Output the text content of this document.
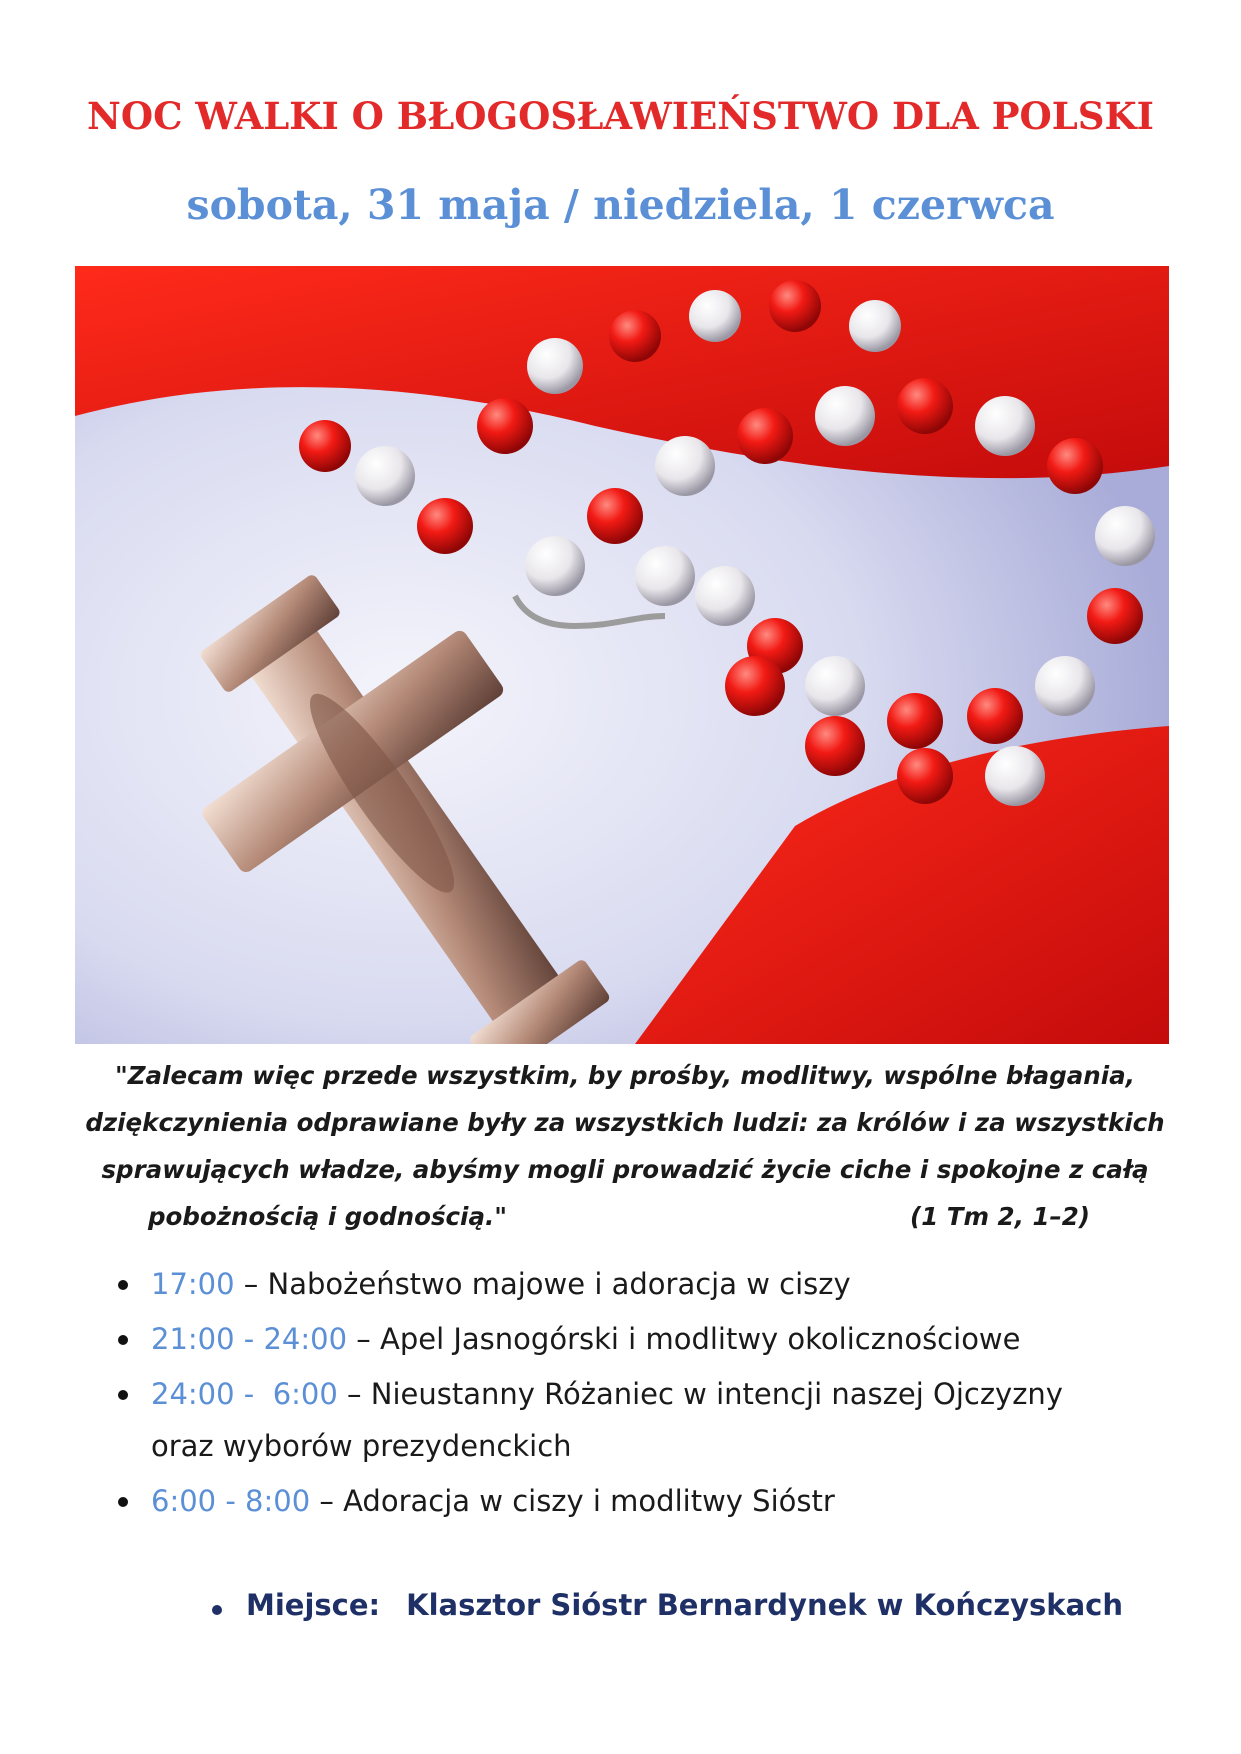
NOC WALKI O BŁOGOSŁAWIEŃSTWO DLA POLSKI
sobota, 31 maja / niedziela, 1 czerwca
"Zalecam więc przede wszystkim, by prośby, modlitwy, wspólne błagania,
dziękczynienia odprawiane były za wszystkich ludzi: za królów i za wszystkich
sprawujących władze, abyśmy mogli prowadzić życie ciche i spokojne z całą
pobożnością i godnością."	(1 Tm 2, 1–2)
17:00 – Nabożeństwo majowe i adoracja w ciszy
21:00 - 24:00 – Apel Jasnogórski i modlitwy okolicznościowe
24:00 -  6:00 – Nieustanny Różaniec w intencji naszej Ojczyzny oraz wyborów prezydenckich
6:00 - 8:00 – Adoracja w ciszy i modlitwy Sióstr
Miejsce: Klasztor Sióstr Bernardynek w Kończyskach
